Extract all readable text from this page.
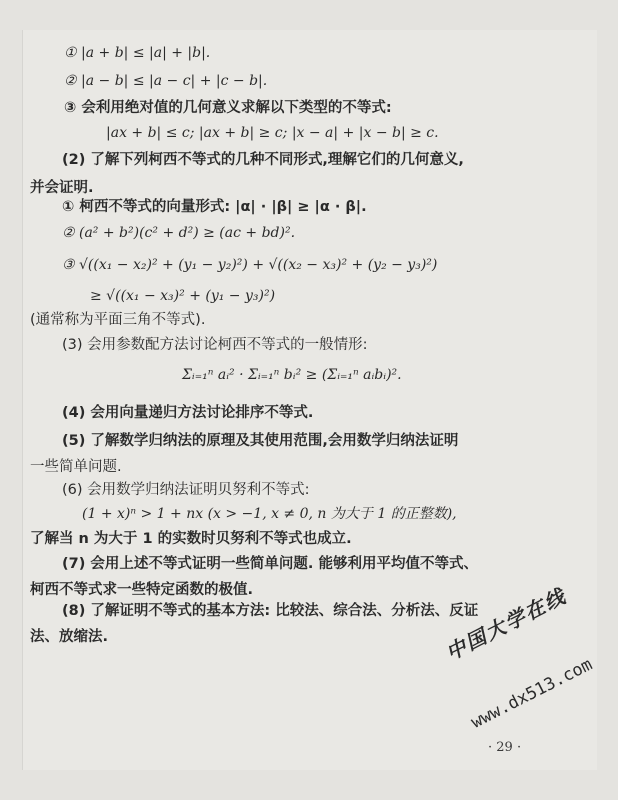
① |a + b| ≤ |a| + |b|.
② |a − b| ≤ |a − c| + |c − b|.
③ 会利用绝对值的几何意义求解以下类型的不等式:
|ax + b| ≤ c; |ax + b| ≥ c; |x − a| + |x − b| ≥ c.
(2) 了解下列柯西不等式的几种不同形式,理解它们的几何意义,
并会证明.
① 柯西不等式的向量形式: |α| · |β| ≥ |α · β|.
② (a² + b²)(c² + d²) ≥ (ac + bd)².
③ √((x₁ − x₂)² + (y₁ − y₂)²) + √((x₂ − x₃)² + (y₂ − y₃)²)
≥ √((x₁ − x₃)² + (y₁ − y₃)²)
(通常称为平面三角不等式).
(3) 会用参数配方法讨论柯西不等式的一般情形:
Σᵢ₌₁ⁿ aᵢ² · Σᵢ₌₁ⁿ bᵢ² ≥ (Σᵢ₌₁ⁿ aᵢbᵢ)².
(4) 会用向量递归方法讨论排序不等式.
(5) 了解数学归纳法的原理及其使用范围,会用数学归纳法证明
一些简单问题.
(6) 会用数学归纳法证明贝努利不等式:
(1 + x)ⁿ > 1 + nx (x > −1, x ≠ 0, n 为大于 1 的正整数),
了解当 n 为大于 1 的实数时贝努利不等式也成立.
(7) 会用上述不等式证明一些简单问题. 能够利用平均值不等式、
柯西不等式求一些特定函数的极值.
(8) 了解证明不等式的基本方法: 比较法、综合法、分析法、反证
法、放缩法.	中国大学在线
www.dx513.com
· 29 ·
